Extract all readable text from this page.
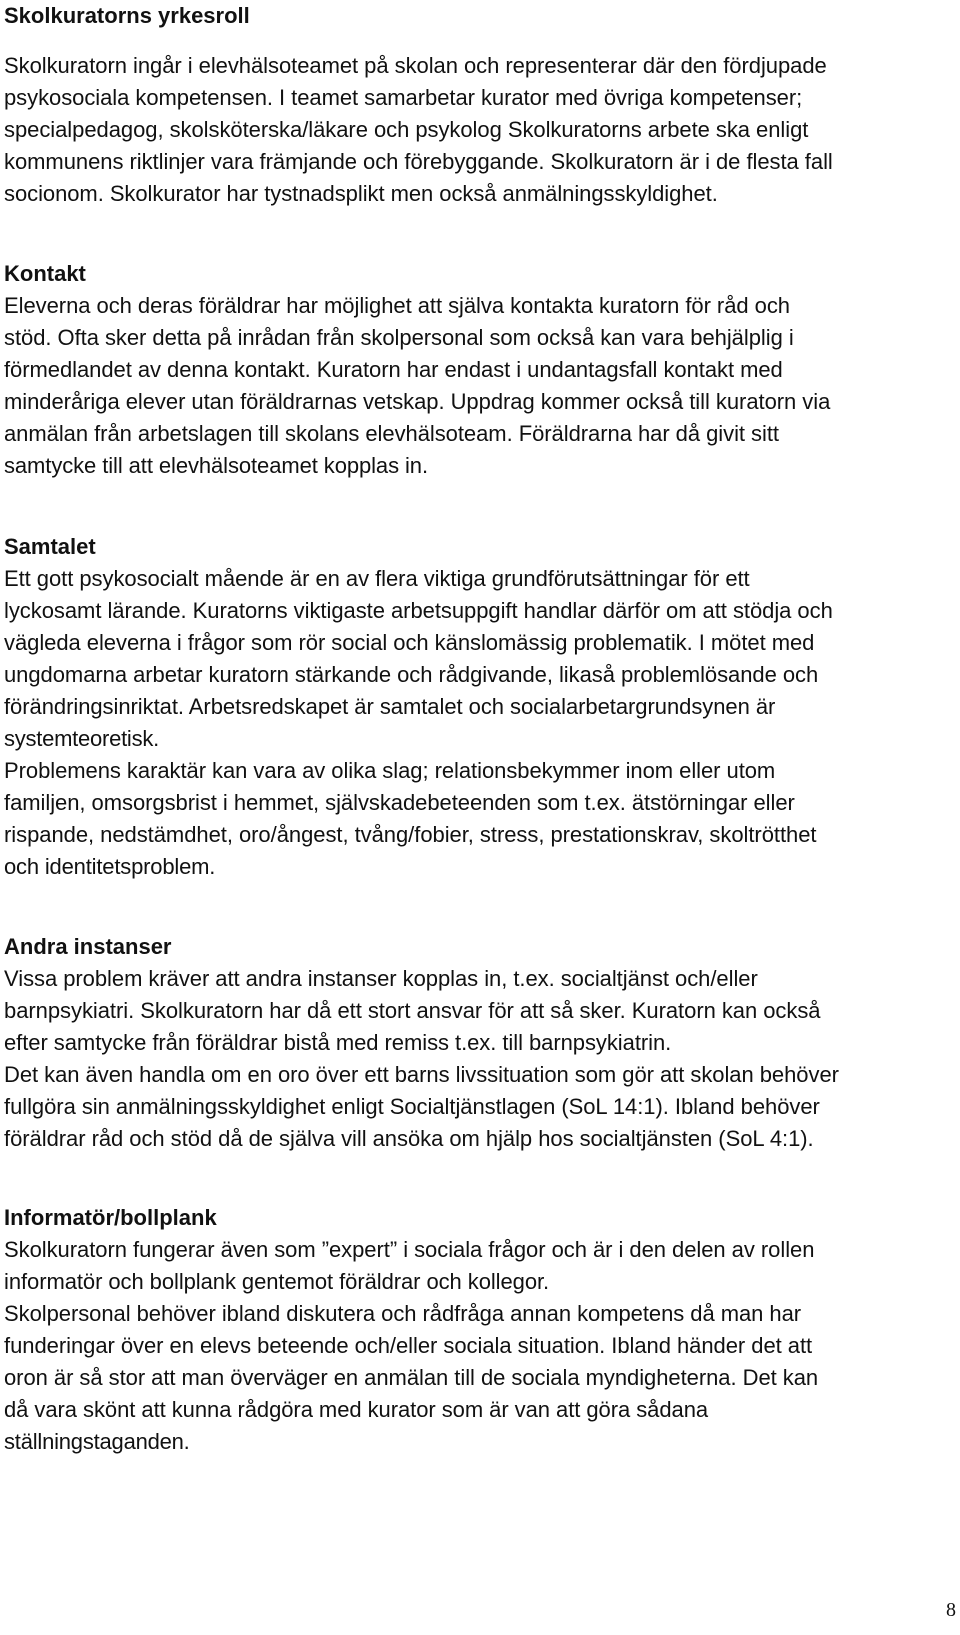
Skolkuratorns yrkesroll

Skolkuratorn ingår i elevhälsoteamet på skolan och representerar där den fördjupade
psykosociala kompetensen. I teamet samarbetar kurator med övriga kompetenser;
specialpedagog, skolsköterska/läkare och psykolog Skolkuratorns arbete ska enligt
kommunens riktlinjer vara främjande och förebyggande. Skolkuratorn är i de flesta fall
socionom. Skolkurator har tystnadsplikt men också anmälningsskyldighet.

Kontakt

Eleverna och deras föräldrar har möjlighet att själva kontakta kuratorn för råd och
stöd. Ofta sker detta på inrådan från skolpersonal som också kan vara behjälplig i
förmedlandet av denna kontakt. Kuratorn har endast i undantagsfall kontakt med
minderåriga elever utan föräldrarnas vetskap. Uppdrag kommer också till kuratorn via
anmälan från arbetslagen till skolans elevhälsoteam. Föräldrarna har då givit sitt
samtycke till att elevhälsoteamet kopplas in.

Samtalet

Ett gott psykosocialt mående är en av flera viktiga grundförutsättningar för ett
lyckosamt lärande. Kuratorns viktigaste arbetsuppgift handlar därför om att stödja och
vägleda eleverna i frågor som rör social och känslomässig problematik. I mötet med
ungdomarna arbetar kuratorn stärkande och rådgivande, likaså problemlösande och
förändringsinriktat. Arbetsredskapet är samtalet och socialarbetargrundsynen är
systemteoretisk.
Problemens karaktär kan vara av olika slag; relationsbekymmer inom eller utom
familjen, omsorgsbrist i hemmet, självskadebeteenden som t.ex. ätstörningar eller
rispande, nedstämdhet, oro/ångest, tvång/fobier, stress, prestationskrav, skoltrötthet
och identitetsproblem.

Andra instanser

Vissa problem kräver att andra instanser kopplas in, t.ex. socialtjänst och/eller
barnpsykiatri. Skolkuratorn har då ett stort ansvar för att så sker. Kuratorn kan också
efter samtycke från föräldrar bistå med remiss t.ex. till barnpsykiatrin.
Det kan även handla om en oro över ett barns livssituation som gör att skolan behöver
fullgöra sin anmälningsskyldighet enligt Socialtjänstlagen (SoL 14:1). Ibland behöver
föräldrar råd och stöd då de själva vill ansöka om hjälp hos socialtjänsten (SoL 4:1).

Informatör/bollplank

Skolkuratorn fungerar även som ”expert” i sociala frågor och är i den delen av rollen
informatör och bollplank gentemot föräldrar och kollegor.
Skolpersonal behöver ibland diskutera och rådfråga annan kompetens då man har
funderingar över en elevs beteende och/eller sociala situation. Ibland händer det att
oron är så stor att man överväger en anmälan till de sociala myndigheterna. Det kan
då vara skönt att kunna rådgöra med kurator som är van att göra sådana
ställningstaganden.

8
